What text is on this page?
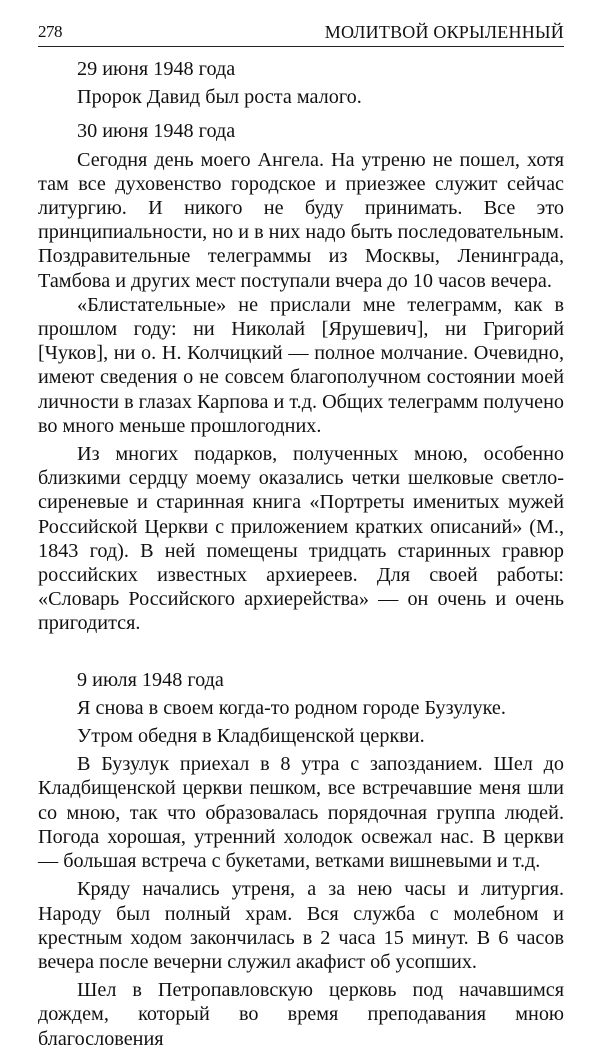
278	МОЛИТВОЙ ОКРЫЛЕННЫЙ
29 июня 1948 года
Пророк Давид был роста малого.
30 июня 1948 года

Сегодня день моего Ангела. На утреню не пошел, хотя там все духовенство городское и приезжее служит сейчас литургию. И никого не буду принимать. Все это принципиальности, но и в них надо быть последовательным. Поздравительные телеграммы из Москвы, Ленинграда, Тамбова и других мест поступали вчера до 10 часов вечера.

«Блистательные» не прислали мне телеграмм, как в прошлом году: ни Николай [Ярушевич], ни Григорий [Чуков], ни о. Н. Колчицкий — полное молчание. Очевидно, имеют сведения о не совсем благополучном состоянии моей личности в глазах Карпова и т.д. Общих телеграмм получено во много меньше прошлогодних.

Из многих подарков, полученных мною, особенно близкими сердцу моему оказались четки шелковые светло-сиреневые и старинная книга «Портреты именитых мужей Российской Церкви с приложением кратких описаний» (М., 1843 год). В ней помещены тридцать старинных гравюр российских известных архиереев. Для своей работы: «Словарь Российского архиерейства» — он очень и очень пригодится.

9 июля 1948 года
Я снова в своем когда-то родном городе Бузулуке.
Утром обедня в Кладбищенской церкви.

В Бузулук приехал в 8 утра с запозданием. Шел до Кладбищенской церкви пешком, все встречавшие меня шли со мною, так что образовалась порядочная группа людей. Погода хорошая, утренний холодок освежал нас. В церкви — большая встреча с букетами, ветками вишневыми и т.д.

Кряду начались утреня, а за нею часы и литургия. Народу был полный храм. Вся служба с молебном и крестным ходом закончилась в 2 часа 15 минут. В 6 часов вечера после вечерни служил акафист об усопших.

Шел в Петропавловскую церковь под начавшимся дождем, который во время преподавания мною благословения
